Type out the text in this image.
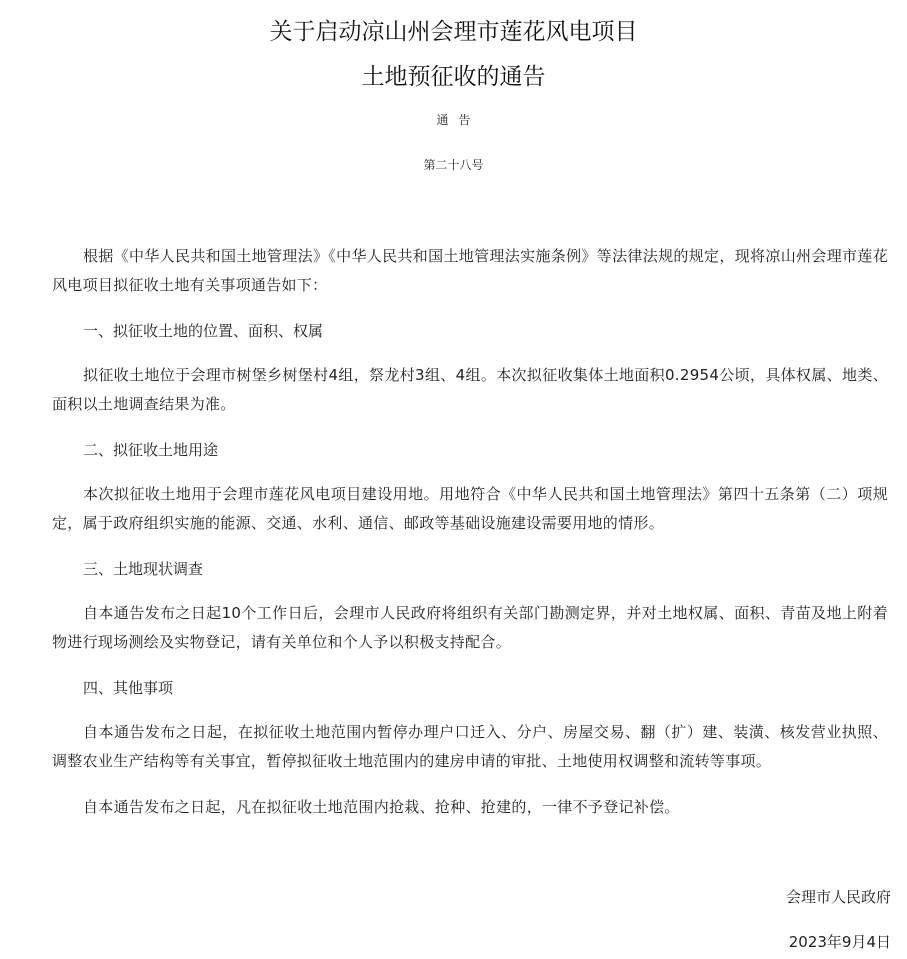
关于启动凉山州会理市莲花风电项目
土地预征收的通告
通告
第二十八号

根据《中华人民共和国土地管理法》《中华人民共和国土地管理法实施条例》等法律法规的规定，现将凉山州会理市莲花风电项目拟征收土地有关事项通告如下：

一、拟征收土地的位置、面积、权属

拟征收土地位于会理市树堡乡树堡村4组，祭龙村3组、4组。本次拟征收集体土地面积0.2954公顷，具体权属、地类、面积以土地调查结果为准。

二、拟征收土地用途

本次拟征收土地用于会理市莲花风电项目建设用地。用地符合《中华人民共和国土地管理法》第四十五条第（二）项规定，属于政府组织实施的能源、交通、水利、通信、邮政等基础设施建设需要用地的情形。

三、土地现状调查

自本通告发布之日起10个工作日后，会理市人民政府将组织有关部门勘测定界，并对土地权属、面积、青苗及地上附着物进行现场测绘及实物登记，请有关单位和个人予以积极支持配合。

四、其他事项

自本通告发布之日起，在拟征收土地范围内暂停办理户口迁入、分户、房屋交易、翻（扩）建、装潢、核发营业执照、调整农业生产结构等有关事宜，暂停拟征收土地范围内的建房申请的审批、土地使用权调整和流转等事项。

自本通告发布之日起，凡在拟征收土地范围内抢栽、抢种、抢建的，一律不予登记补偿。

会理市人民政府
2023年9月4日
